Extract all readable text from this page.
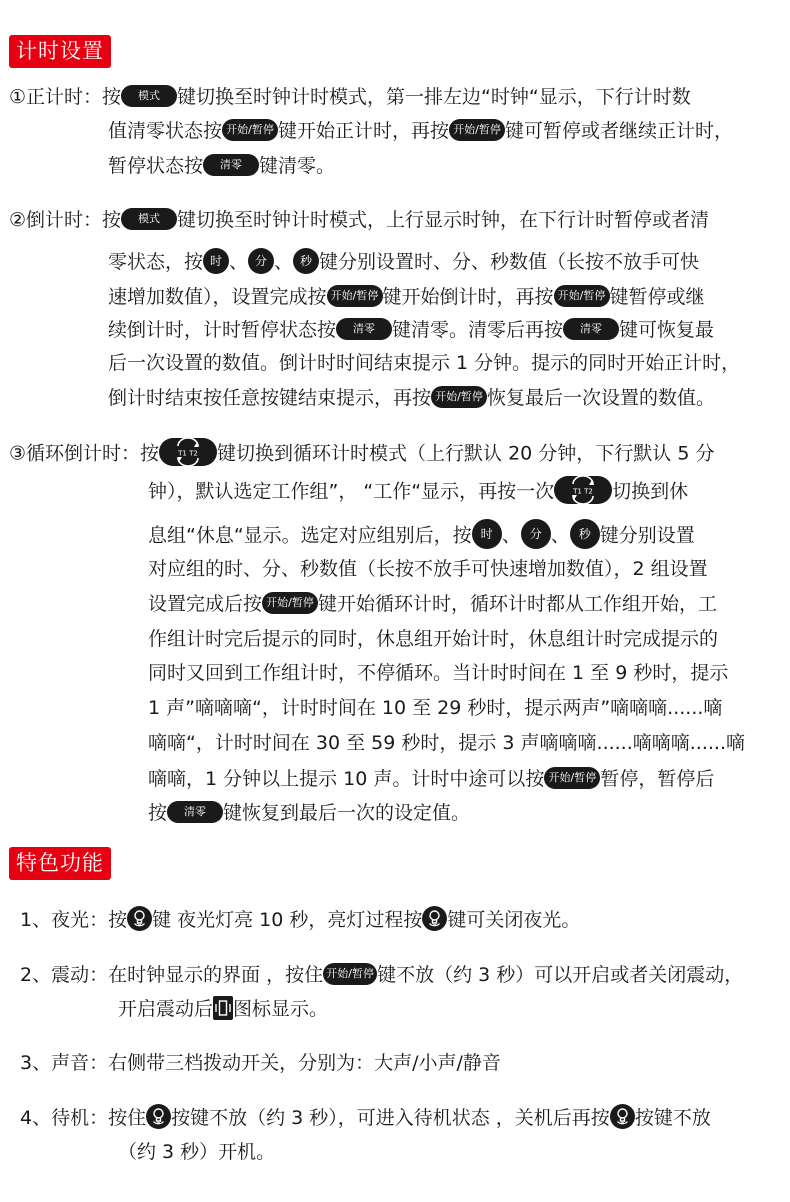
计时设置
①正计时：按 模式 键切换至时钟计时模式，第一排左边“时钟“显示，下行计时数
值清零状态按 开始/暂停 键开始正计时，再按 开始/暂停 键可暂停或者继续正计时，
暂停状态按 清零 键清零。
②倒计时：按 模式 键切换至时钟计时模式，上行显示时钟，在下行计时暂停或者清
零状态，按 时 、 分 、 秒 键分别设置时、分、秒数值（长按不放手可快
速增加数值），设置完成按 开始/暂停 键开始倒计时，再按 开始/暂停 键暂停或继
续倒计时，计时暂停状态按 清零 键清零。清零后再按 清零 键可恢复最
后一次设置的数值。倒计时时间结束提示 1 分钟。提示的同时开始正计时，
倒计时结束按任意按键结束提示，再按 开始/暂停 恢复最后一次设置的数值。
③循环倒计时：按	T1 T2 键切换到循环计时模式（上行默认 20 分钟，下行默认 5 分
钟），默认选定工作组”， “工作“显示，再按一次	T1 T2 切换到休
息组“休息“显示。选定对应组别后，按 时 、 分 、 秒 键分别设置
对应组的时、分、秒数值（长按不放手可快速增加数值），2 组设置
设置完成后按 开始/暂停 键开始循环计时，循环计时都从工作组开始，工
作组计时完后提示的同时，休息组开始计时，休息组计时完成提示的
同时又回到工作组计时，不停循环。当计时时间在 1 至 9 秒时，提示
1 声”嘀嘀嘀“，计时时间在 10 至 29 秒时，提示两声”嘀嘀嘀......嘀
嘀嘀“，计时时间在 30 至 59 秒时，提示 3 声嘀嘀嘀......嘀嘀嘀......嘀
嘀嘀，1 分钟以上提示 10 声。计时中途可以按 开始/暂停 暂停，暂停后
按 清零 键恢复到最后一次的设定值。
特色功能
1、夜光：按 键 夜光灯亮 10 秒，亮灯过程按 键可关闭夜光。
2、震动：在时钟显示的界面 ，按住 开始/暂停 键不放（约 3 秒）可以开启或者关闭震动，
开启震动后 图标显示。
3、声音：右侧带三档拨动开关，分别为：大声/小声/静音
4、待机：按住 按键不放（约 3 秒），可进入待机状态 ，关机后再按 按键不放
（约 3 秒）开机。
